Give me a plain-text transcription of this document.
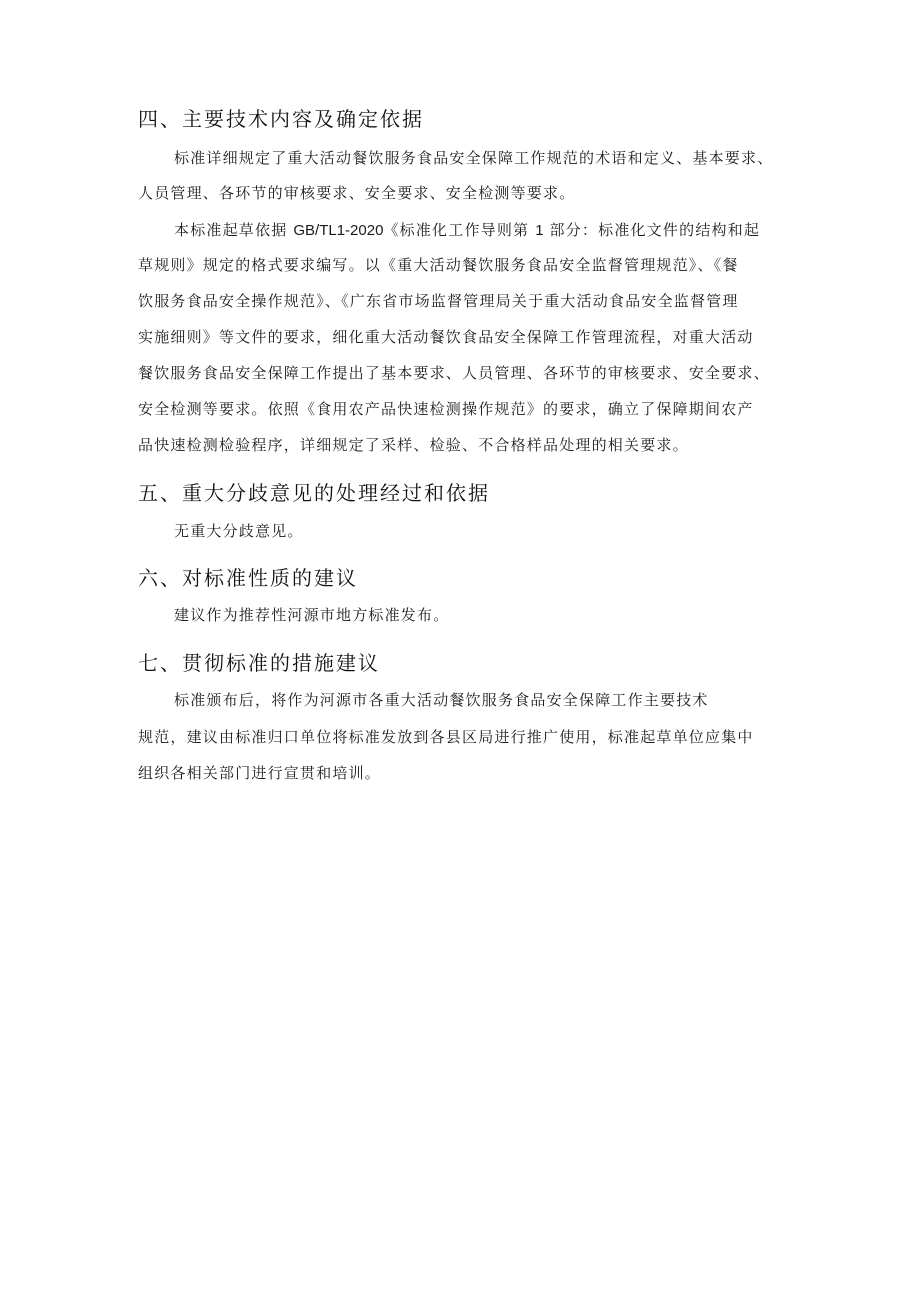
四、主要技术内容及确定依据
标准详细规定了重大活动餐饮服务食品安全保障工作规范的术语和定义、基本要求、
人员管理、各环节的审核要求、安全要求、安全检测等要求。
本标准起草依据 GB/TL1-2020《标准化工作导则第 1 部分：标准化文件的结构和起
草规则》规定的格式要求编写。以《重大活动餐饮服务食品安全监督管理规范》、《餐
饮服务食品安全操作规范》、《广东省市场监督管理局关于重大活动食品安全监督管理
实施细则》等文件的要求，细化重大活动餐饮食品安全保障工作管理流程，对重大活动
餐饮服务食品安全保障工作提出了基本要求、人员管理、各环节的审核要求、安全要求、
安全检测等要求。依照《食用农产品快速检测操作规范》的要求，确立了保障期间农产
品快速检测检验程序，详细规定了采样、检验、不合格样品处理的相关要求。
五、重大分歧意见的处理经过和依据
无重大分歧意见。
六、对标准性质的建议
建议作为推荐性河源市地方标准发布。
七、贯彻标准的措施建议
标准颁布后，将作为河源市各重大活动餐饮服务食品安全保障工作主要技术
规范，建议由标准归口单位将标准发放到各县区局进行推广使用，标准起草单位应集中
组织各相关部门进行宣贯和培训。
